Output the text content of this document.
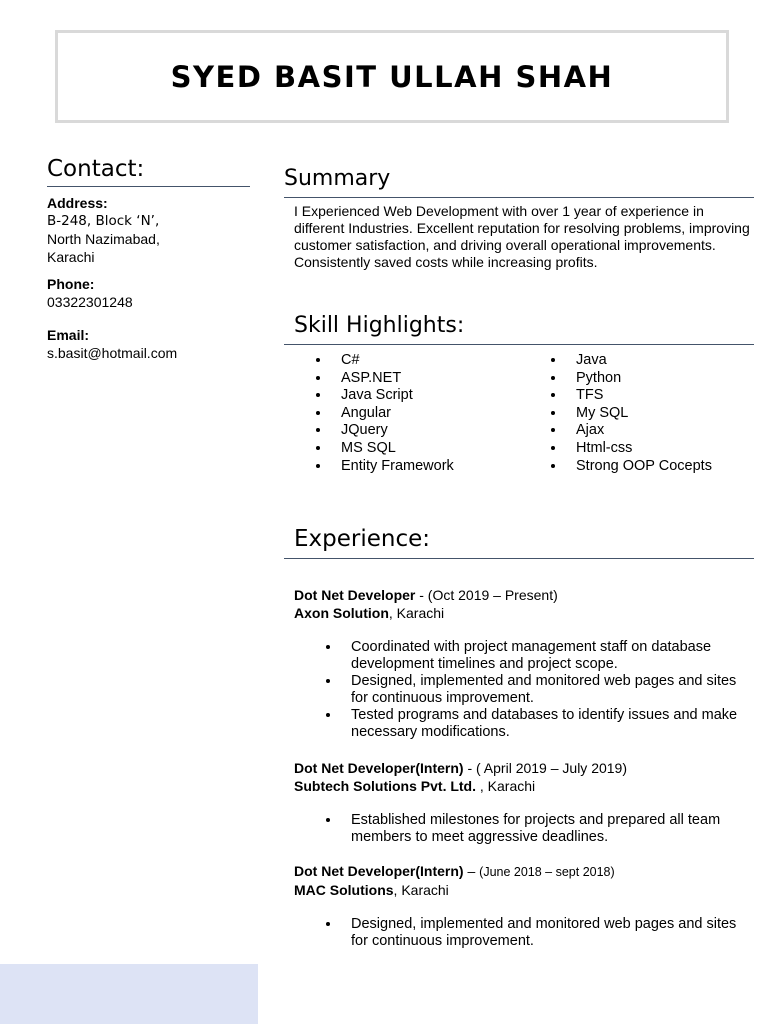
SYED BASIT ULLAH SHAH
Contact:
Address:
B-248, Block ‘N’,
North Nazimabad,
Karachi
Phone:
03322301248
Email:
s.basit@hotmail.com
Summary
I Experienced Web Development with over 1 year of experience in different Industries. Excellent reputation for resolving problems, improving customer satisfaction, and driving overall operational improvements. Consistently saved costs while increasing profits.
Skill Highlights:
• C#
• ASP.NET
• Java Script
• Angular
• JQuery
• MS SQL
• Entity Framework
• Java
• Python
• TFS
• My SQL
• Ajax
• Html-css
• Strong OOP Cocepts
Experience:
Dot Net Developer - (Oct 2019 – Present)
Axon Solution, Karachi
• Coordinated with project management staff on database development timelines and project scope.
• Designed, implemented and monitored web pages and sites for continuous improvement.
• Tested programs and databases to identify issues and make necessary modifications.
Dot Net Developer(Intern) - ( April 2019 – July 2019)
Subtech Solutions Pvt. Ltd. , Karachi
• Established milestones for projects and prepared all team members to meet aggressive deadlines.
Dot Net Developer(Intern) – (June 2018 – sept 2018)
MAC Solutions, Karachi
• Designed, implemented and monitored web pages and sites for continuous improvement.
